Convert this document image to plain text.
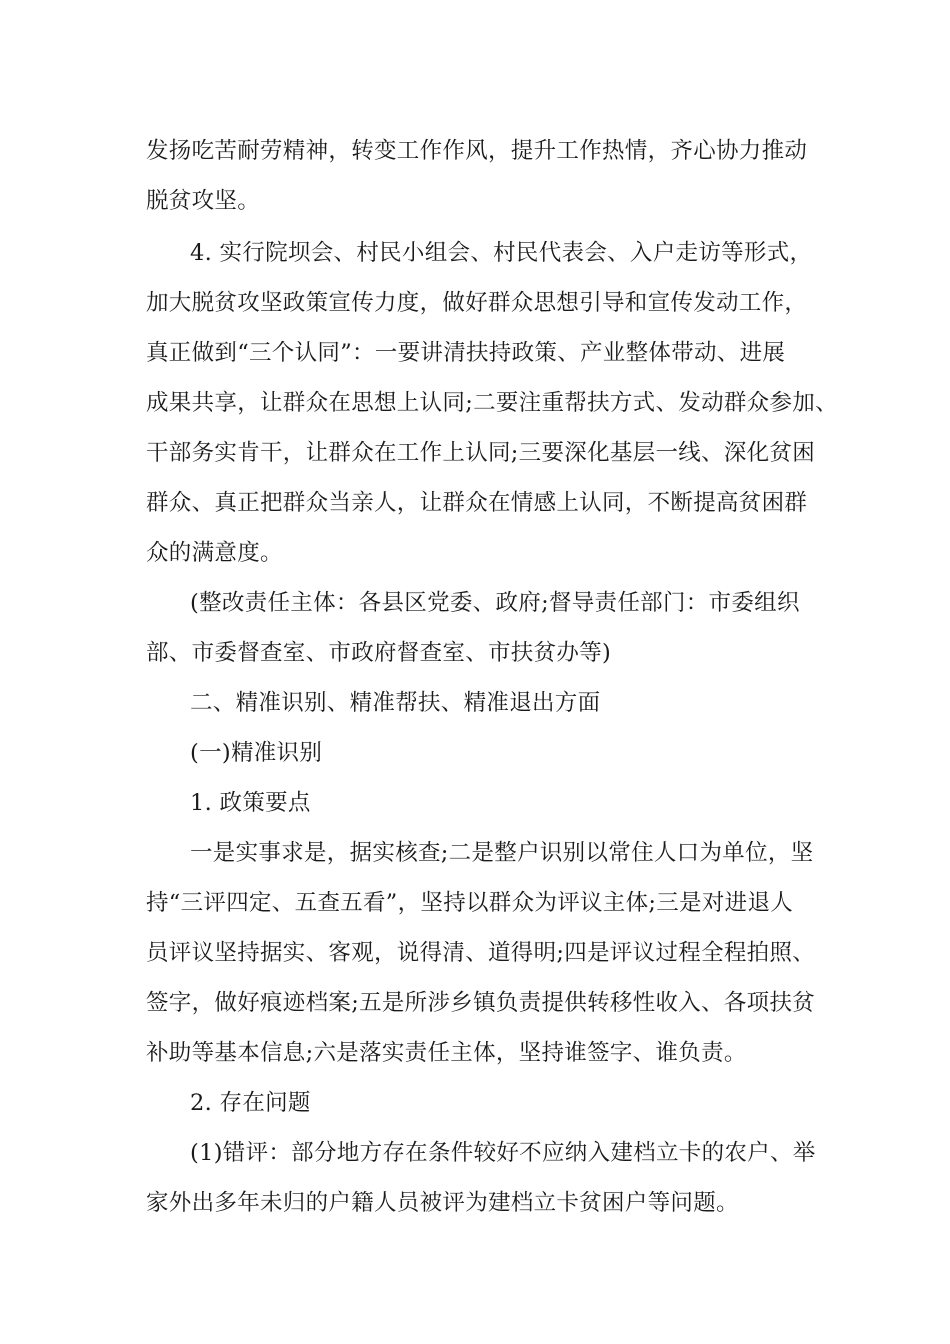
发扬吃苦耐劳精神，转变工作作风，提升工作热情，齐心协力推动
脱贫攻坚。
4. 实行院坝会、村民小组会、村民代表会、入户走访等形式，
加大脱贫攻坚政策宣传力度，做好群众思想引导和宣传发动工作，
真正做到“三个认同”：一要讲清扶持政策、产业整体带动、进展
成果共享，让群众在思想上认同;二要注重帮扶方式、发动群众参加、
干部务实肯干，让群众在工作上认同;三要深化基层一线、深化贫困
群众、真正把群众当亲人，让群众在情感上认同，不断提高贫困群
众的满意度。
(整改责任主体：各县区党委、政府;督导责任部门：市委组织
部、市委督查室、市政府督查室、市扶贫办等)
二、精准识别、精准帮扶、精准退出方面
(一)精准识别
1. 政策要点
一是实事求是，据实核查;二是整户识别以常住人口为单位，坚
持“三评四定、五查五看”，坚持以群众为评议主体;三是对进退人
员评议坚持据实、客观，说得清、道得明;四是评议过程全程拍照、
签字，做好痕迹档案;五是所涉乡镇负责提供转移性收入、各项扶贫
补助等基本信息;六是落实责任主体，坚持谁签字、谁负责。
2. 存在问题
(1)错评：部分地方存在条件较好不应纳入建档立卡的农户、举
家外出多年未归的户籍人员被评为建档立卡贫困户等问题。
